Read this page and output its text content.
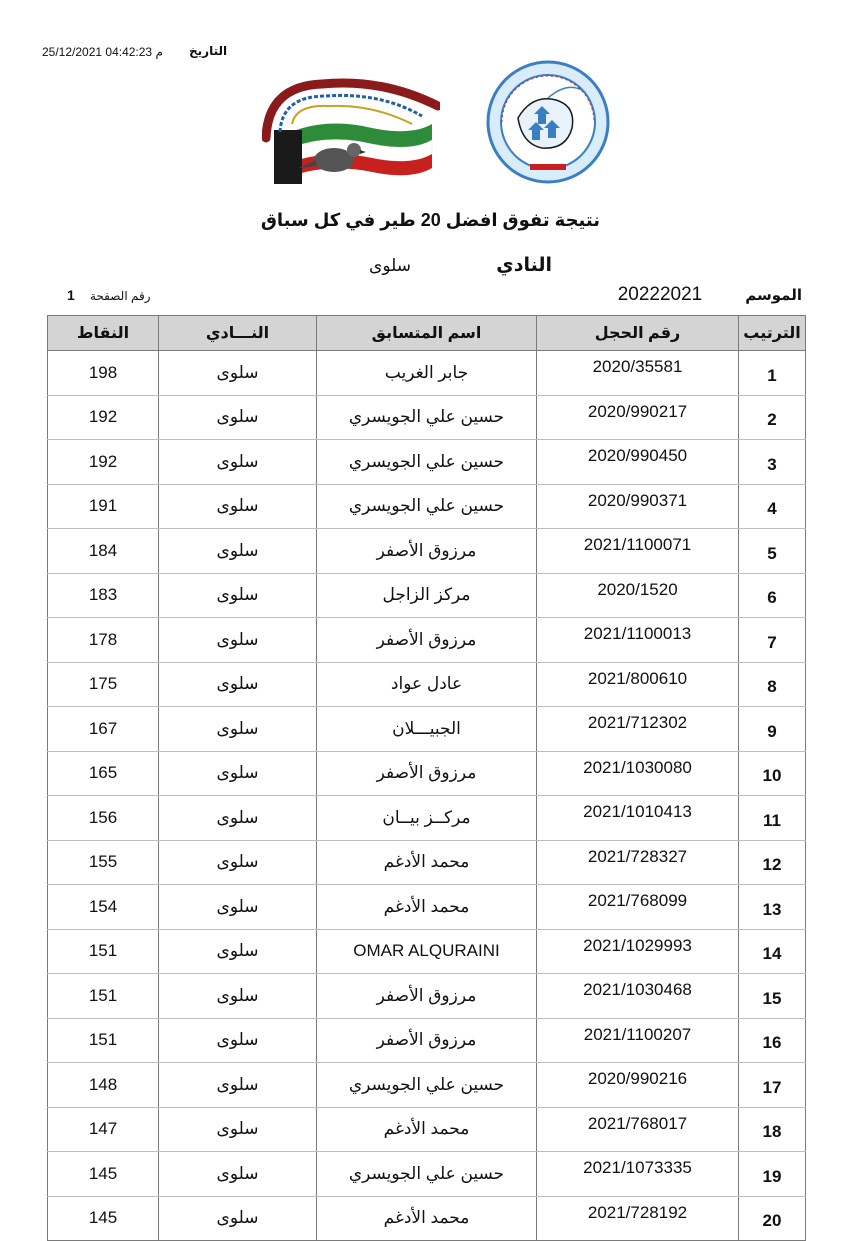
التاريخ
25/12/2021 04:42:23 م
نتيجة تفوق افضل 20 طير في كل سباق
النادي
سلوى
الموسم
20222021
رقم الصفحة
1
الترتيب	رقم الحجل	اسم المتسابق	النـــادي	النقاط
1	2020/35581	جابر الغريب	سلوى	198
2	2020/990217	حسين علي الجويسري	سلوى	192
3	2020/990450	حسين علي الجويسري	سلوى	192
4	2020/990371	حسين علي الجويسري	سلوى	191
5	2021/1100071	مرزوق الأصفر	سلوى	184
6	2020/1520	مركز الزاجل	سلوى	183
7	2021/1100013	مرزوق الأصفر	سلوى	178
8	2021/800610	عادل عواد	سلوى	175
9	2021/712302	الجبيـــلان	سلوى	167
10	2021/1030080	مرزوق الأصفر	سلوى	165
11	2021/1010413	مركــز بيــان	سلوى	156
12	2021/728327	محمد الأدغم	سلوى	155
13	2021/768099	محمد الأدغم	سلوى	154
14	2021/1029993	OMAR ALQURAINI	سلوى	151
15	2021/1030468	مرزوق الأصفر	سلوى	151
16	2021/1100207	مرزوق الأصفر	سلوى	151
17	2020/990216	حسين علي الجويسري	سلوى	148
18	2021/768017	محمد الأدغم	سلوى	147
19	2021/1073335	حسين علي الجويسري	سلوى	145
20	2021/728192	محمد الأدغم	سلوى	145
